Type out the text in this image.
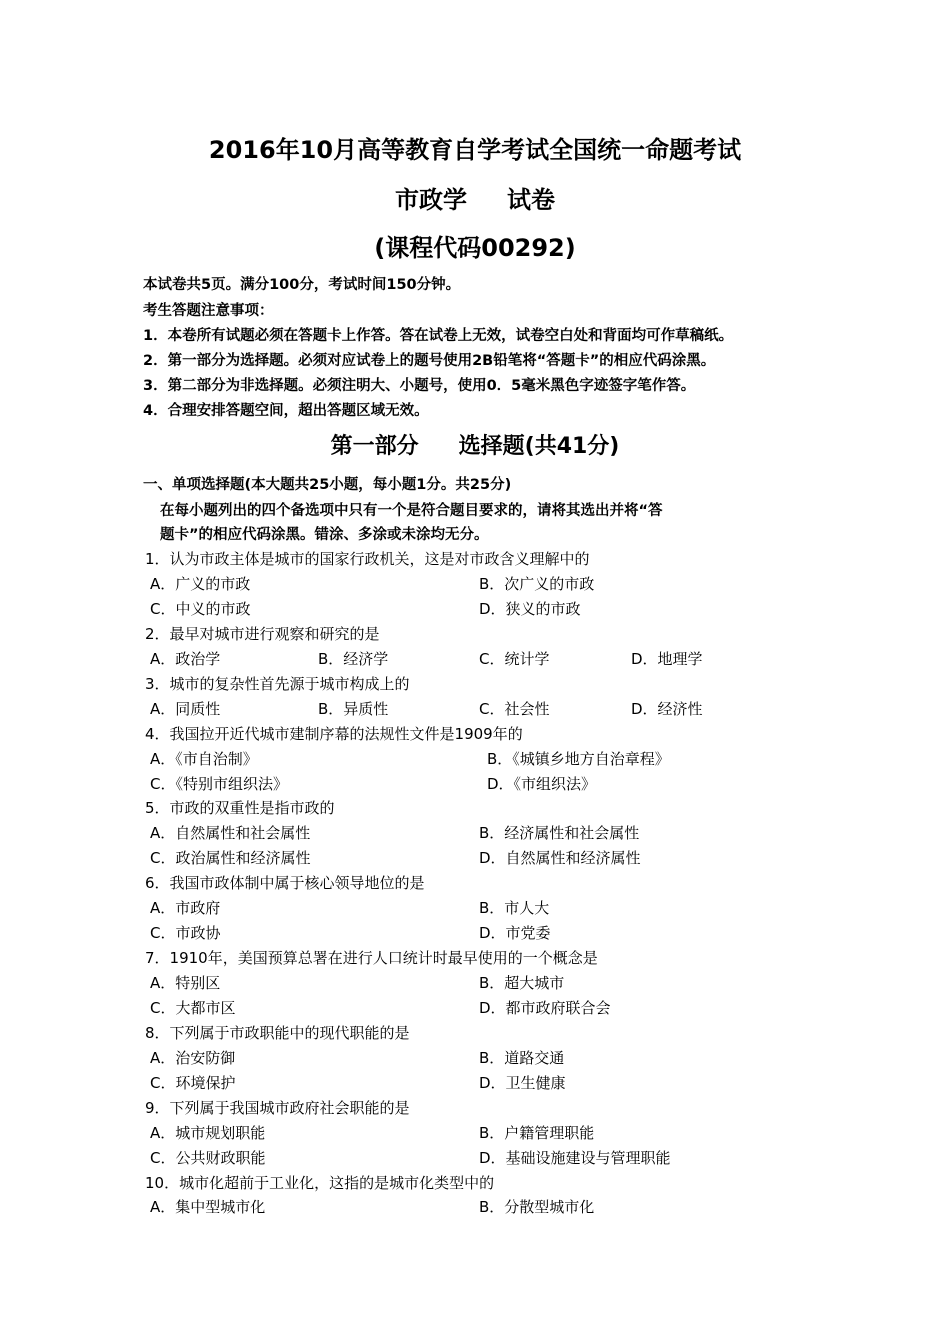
2016年10月高等教育自学考试全国统一命题考试
市政学 试卷
(课程代码00292)
本试卷共5页。满分100分，考试时间150分钟。
考生答题注意事项：
1．本卷所有试题必须在答题卡上作答。答在试卷上无效，试卷空白处和背面均可作草稿纸。
2．第一部分为选择题。必须对应试卷上的题号使用2B铅笔将“答题卡”的相应代码涂黑。
3．第二部分为非选择题。必须注明大、小题号，使用0．5毫米黑色字迹签字笔作答。
4．合理安排答题空间，超出答题区域无效。
第一部分 选择题(共41分)
一、单项选择题(本大题共25小题，每小题1分。共25分)
在每小题列出的四个备选项中只有一个是符合题目要求的，请将其选出并将“答
题卡”的相应代码涂黑。错涂、多涂或未涂均无分。
1．认为市政主体是城市的国家行政机关，这是对市政含义理解中的
A．广义的市政	B．次广义的市政
C．中义的市政	D．狭义的市政
2．最早对城市进行观察和研究的是
A．政治学	B．经济学	C．统计学	D．地理学
3．城市的复杂性首先源于城市构成上的
A．同质性	B．异质性	C．社会性	D．经济性
4．我国拉开近代城市建制序幕的法规性文件是1909年的
A．《市自治制》	B．《城镇乡地方自治章程》
C．《特别市组织法》	D．《市组织法》
5．市政的双重性是指市政的
A．自然属性和社会属性	B．经济属性和社会属性
C．政治属性和经济属性	D．自然属性和经济属性
6．我国市政体制中属于核心领导地位的是
A．市政府	B．市人大
C．市政协	D．市党委
7．1910年，美国预算总署在进行人口统计时最早使用的一个概念是
A．特别区	B．超大城市
C．大都市区	D．都市政府联合会
8．下列属于市政职能中的现代职能的是
A．治安防御	B．道路交通
C．环境保护	D．卫生健康
9．下列属于我国城市政府社会职能的是
A．城市规划职能	B．户籍管理职能
C．公共财政职能	D．基础设施建设与管理职能
10．城市化超前于工业化，这指的是城市化类型中的
A．集中型城市化	B．分散型城市化
